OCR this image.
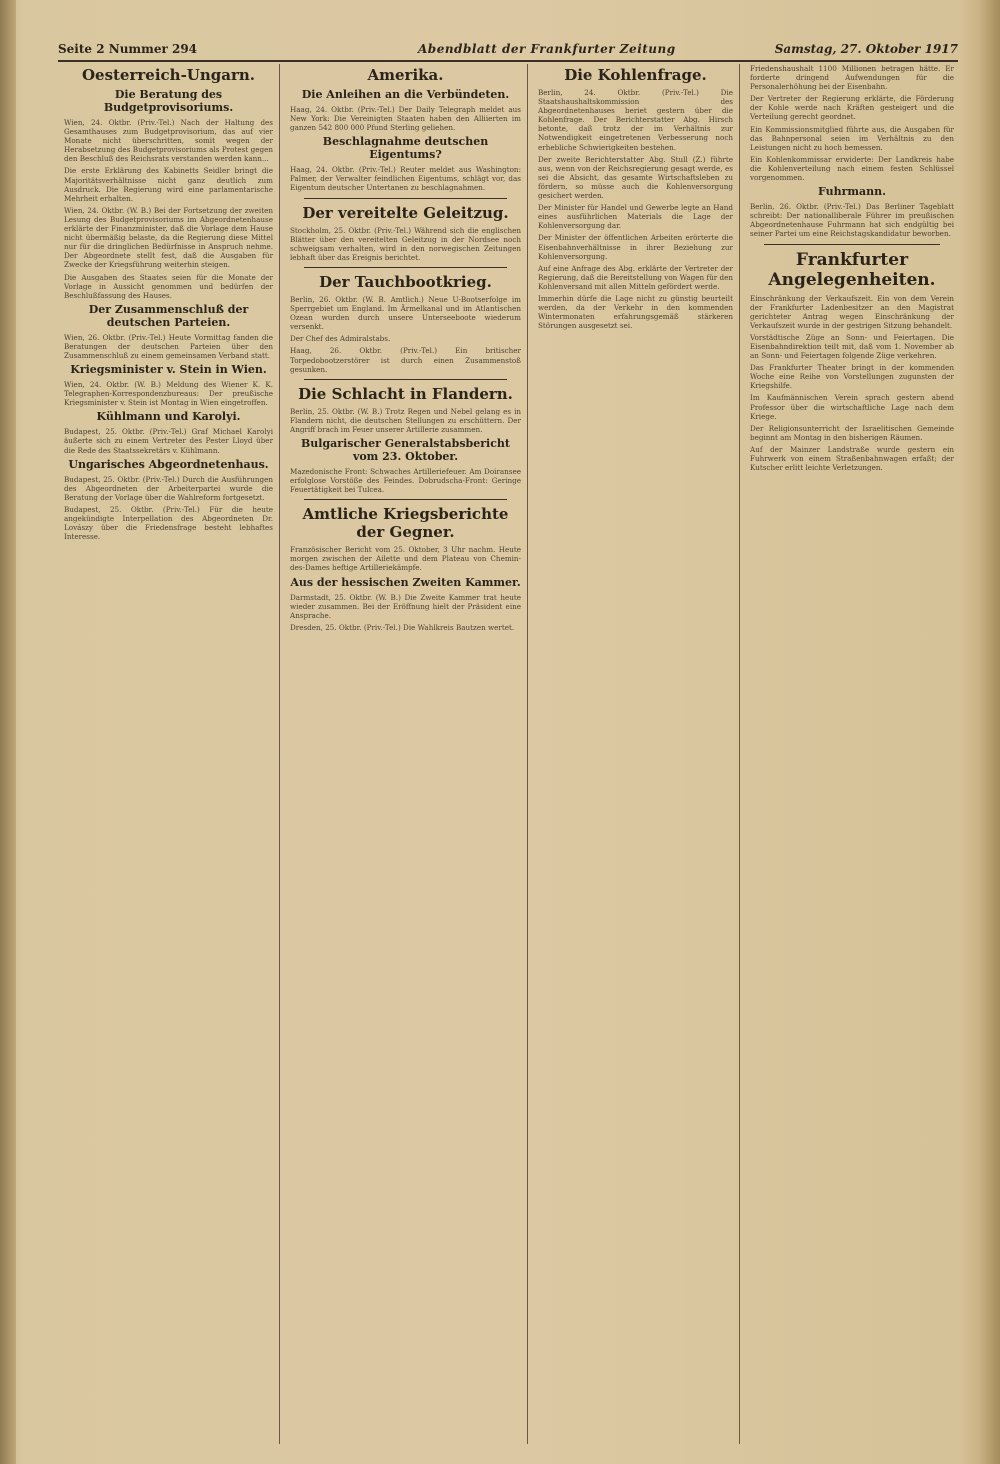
Seite 2 Nummer 294	Abendblatt der Frankfurter Zeitung	Samstag, 27. Oktober 1917
Oesterreich-Ungarn.
Die Beratung des Budgetprovisoriums.

Wien, 24. Oktbr. (Priv.-Tel.) Nach der Haltung des Gesamthauses zum Budgetprovisorium, das auf vier Monate nicht überschritten, somit wegen der Herabsetzung des Budgetprovisoriums als Protest gegen den Beschluß des Reichsrats verstanden werden kann...

Die erste Erklärung des Kabinetts Seidler bringt die Majoritätsverhältnisse nicht ganz deutlich zum Ausdruck. Die Regierung wird eine parlamentarische Mehrheit erhalten.

Wien, 24. Oktbr. (W. B.) Bei der Fortsetzung der zweiten Lesung des Budgetprovisoriums im Abgeordnetenhause erklärte der Finanzminister, daß die Vorlage dem Hause nicht übermäßig belaste, da die Regierung diese Mittel nur für die dringlichen Bedürfnisse in Anspruch nehme. Der Abgeordnete stellt fest, daß die Ausgaben für Zwecke der Kriegsführung weiterhin steigen.

Die Ausgaben des Staates seien für die Monate der Vorlage in Aussicht genommen und bedürfen der Beschlußfassung des Hauses.

Der Zusammenschluß der deutschen Parteien.

Wien, 26. Oktbr. (Priv.-Tel.) Heute Vormittag fanden die Beratungen der deutschen Parteien über den Zusammenschluß zu einem gemeinsamen Verband statt.

Kriegsminister v. Stein in Wien.

Wien, 24. Oktbr. (W. B.) Meldung des Wiener K. K. Telegraphen-Korrespondenzbureaus: Der preußische Kriegsminister v. Stein ist Montag in Wien eingetroffen.

Kühlmann und Karolyi.

Budapest, 25. Oktbr. (Priv.-Tel.) Graf Michael Karolyi äußerte sich zu einem Vertreter des Pester Lloyd über die Rede des Staatssekretärs v. Kühlmann.

Ungarisches Abgeordnetenhaus.

Budapest, 25. Oktbr. (Priv.-Tel.) Durch die Ausführungen des Abgeordneten der Arbeiterpartei wurde die Beratung der Vorlage über die Wahlreform fortgesetzt.

Budapest, 25. Oktbr. (Priv.-Tel.) Für die heute angekündigte Interpellation des Abgeordneten Dr. Lovászy über die Friedensfrage besteht lebhaftes Interesse.

Amerika.
Die Anleihen an die Verbündeten.

Haag, 24. Oktbr. (Priv.-Tel.) Der Daily Telegraph meldet aus New York: Die Vereinigten Staaten haben den Alliierten im ganzen 542 800 000 Pfund Sterling geliehen.

Beschlagnahme deutschen Eigentums?

Haag, 24. Oktbr. (Priv.-Tel.) Reuter meldet aus Washington: Palmer, der Verwalter feindlichen Eigentums, schlägt vor, das Eigentum deutscher Untertanen zu beschlagnahmen.

Der vereitelte Geleitzug.

Stockholm, 25. Oktbr. (Priv.-Tel.) Während sich die englischen Blätter über den vereitelten Geleitzug in der Nordsee noch schweigsam verhalten, wird in den norwegischen Zeitungen lebhaft über das Ereignis berichtet.

Der Tauchbootkrieg.

Berlin, 26. Oktbr. (W. B. Amtlich.) Neue U-Bootserfolge im Sperrgebiet um England. Im Ärmelkanal und im Atlantischen Ozean wurden durch unsere Unterseeboote wiederum versenkt.

Der Chef des Admiralstabs.

Haag, 26. Oktbr. (Priv.-Tel.) Ein britischer Torpedobootzerstörer ist durch einen Zusammenstoß gesunken.

Die Schlacht in Flandern.

Berlin, 25. Oktbr. (W. B.) Trotz Regen und Nebel gelang es in Flandern nicht, die deutschen Stellungen zu erschüttern. Der Angriff brach im Feuer unserer Artillerie zusammen.

Bulgarischer Generalstabsbericht vom 23. Oktober.

Mazedonische Front: Schwaches Artilleriefeuer. Am Doiransee erfolglose Vorstöße des Feindes. Dobrudscha-Front: Geringe Feuertätigkeit bei Tulcea.

Amtliche Kriegsberichte der Gegner.

Französischer Bericht vom 25. Oktober, 3 Uhr nachm. Heute morgen zwischen der Ailette und dem Plateau von Chemin-des-Dames heftige Artilleriekämpfe.

Aus der hessischen Zweiten Kammer.

Darmstadt, 25. Oktbr. (W. B.) Die Zweite Kammer trat heute wieder zusammen. Bei der Eröffnung hielt der Präsident eine Ansprache.

Dresden, 25. Oktbr. (Priv.-Tel.) Die Wahlkreis Bautzen wertet.

Die Kohlenfrage.

Berlin, 24. Oktbr. (Priv.-Tel.) Die Staatshaushaltskommission des Abgeordnetenhauses beriet gestern über die Kohlenfrage. Der Berichterstatter Abg. Hirsch betonte, daß trotz der im Verhältnis zur Notwendigkeit eingetretenen Verbesserung noch erhebliche Schwierigkeiten bestehen.

Der zweite Berichterstatter Abg. Stull (Z.) führte aus, wenn von der Reichsregierung gesagt werde, es sei die Absicht, das gesamte Wirtschaftsleben zu fördern, so müsse auch die Kohlenversorgung gesichert werden.

Der Minister für Handel und Gewerbe legte an Hand eines ausführlichen Materials die Lage der Kohlenversorgung dar.

Der Minister der öffentlichen Arbeiten erörterte die Eisenbahnverhältnisse in ihrer Beziehung zur Kohlenversorgung.

Auf eine Anfrage des Abg. erklärte der Vertreter der Regierung, daß die Bereitstellung von Wagen für den Kohlenversand mit allen Mitteln gefördert werde.

Immerhin dürfe die Lage nicht zu günstig beurteilt werden, da der Verkehr in den kommenden Wintermonaten erfahrungsgemäß stärkeren Störungen ausgesetzt sei.

Friedenshaushalt 1100 Millionen betragen hätte. Er forderte dringend Aufwendungen für die Personalerhöhung bei der Eisenbahn.

Der Vertreter der Regierung erklärte, die Förderung der Kohle werde nach Kräften gesteigert und die Verteilung gerecht geordnet.

Ein Kommissionsmitglied führte aus, die Ausgaben für das Bahnpersonal seien im Verhältnis zu den Leistungen nicht zu hoch bemessen.

Ein Kohlenkommissar erwiderte: Der Landkreis habe die Kohlenverteilung nach einem festen Schlüssel vorgenommen.

Fuhrmann.

Berlin, 26. Oktbr. (Priv.-Tel.) Das Berliner Tageblatt schreibt: Der nationalliberale Führer im preußischen Abgeordnetenhause Fuhrmann hat sich endgültig bei seiner Partei um eine Reichstagskandidatur beworben.

Frankfurter Angelegenheiten.

Einschränkung der Verkaufszeit. Ein von dem Verein der Frankfurter Ladenbesitzer an den Magistrat gerichteter Antrag wegen Einschränkung der Verkaufszeit wurde in der gestrigen Sitzung behandelt.

Vorstädtische Züge an Sonn- und Feiertagen. Die Eisenbahndirektion teilt mit, daß vom 1. November ab an Sonn- und Feiertagen folgende Züge verkehren.

Das Frankfurter Theater bringt in der kommenden Woche eine Reihe von Vorstellungen zugunsten der Kriegshilfe.

Im Kaufmännischen Verein sprach gestern abend Professor über die wirtschaftliche Lage nach dem Kriege.

Der Religionsunterricht der Israelitischen Gemeinde beginnt am Montag in den bisherigen Räumen.

Auf der Mainzer Landstraße wurde gestern ein Fuhrwerk von einem Straßenbahnwagen erfaßt; der Kutscher erlitt leichte Verletzungen.
